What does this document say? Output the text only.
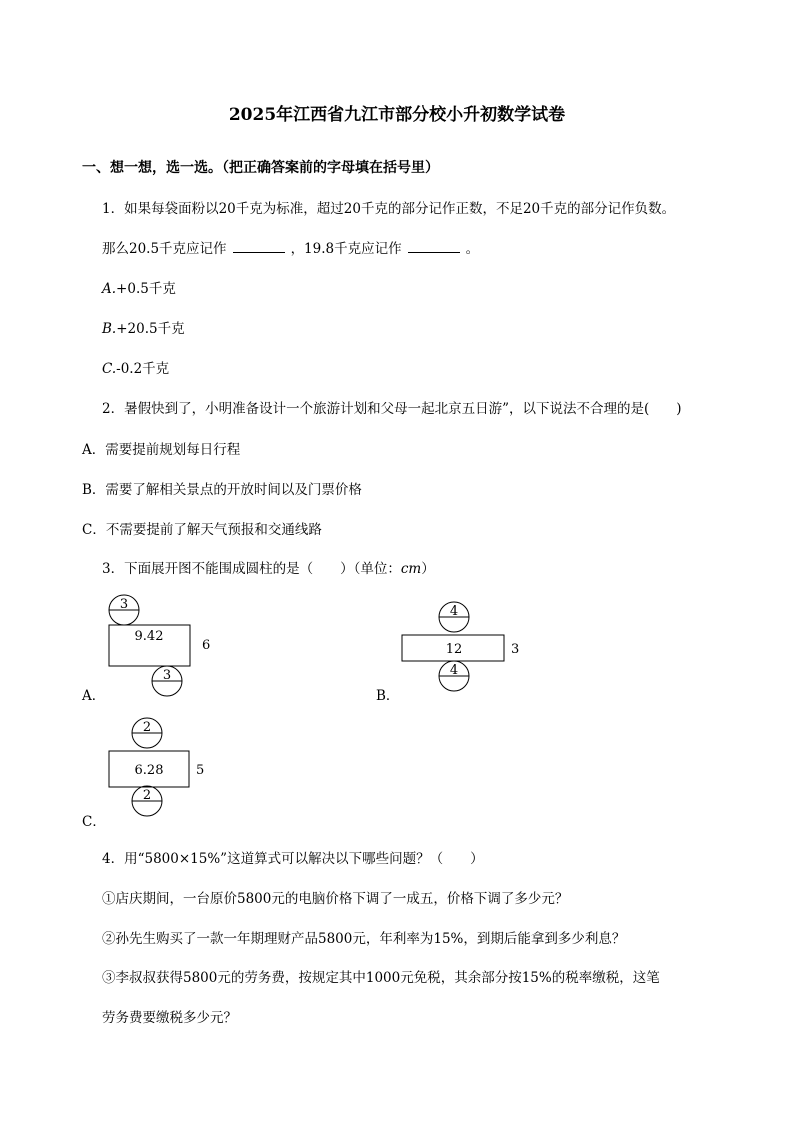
2025年江西省九江市部分校小升初数学试卷
一、想一想，选一选。（把正确答案前的字母填在括号里）
1．如果每袋面粉以20千克为标准，超过20千克的部分记作正数，不足20千克的部分记作负数。
那么20.5千克应记作	，19.8千克应记作	。
A.+0.5千克
B.+20.5千克
C.-0.2千克
2．暑假快到了，小明准备设计一个旅游计划和父母一起北京五日游”，以下说法不合理的是(　　)
A．需要提前规划每日行程
B．需要了解相关景点的开放时间以及门票价格
C．不需要提前了解天气预报和交通线路
3．下面展开图不能围成圆柱的是（　　）（单位：cm）
3
9.42
6
3
A．
4
12	3
4
B．
2
6.28	5
2
C．
4．用“5800×15%”这道算式可以解决以下哪些问题？（　　）
①店庆期间，一台原价5800元的电脑价格下调了一成五，价格下调了多少元？
②孙先生购买了一款一年期理财产品5800元，年利率为15%，到期后能拿到多少利息？
③李叔叔获得5800元的劳务费，按规定其中1000元免税，其余部分按15%的税率缴税，这笔
劳务费要缴税多少元？
